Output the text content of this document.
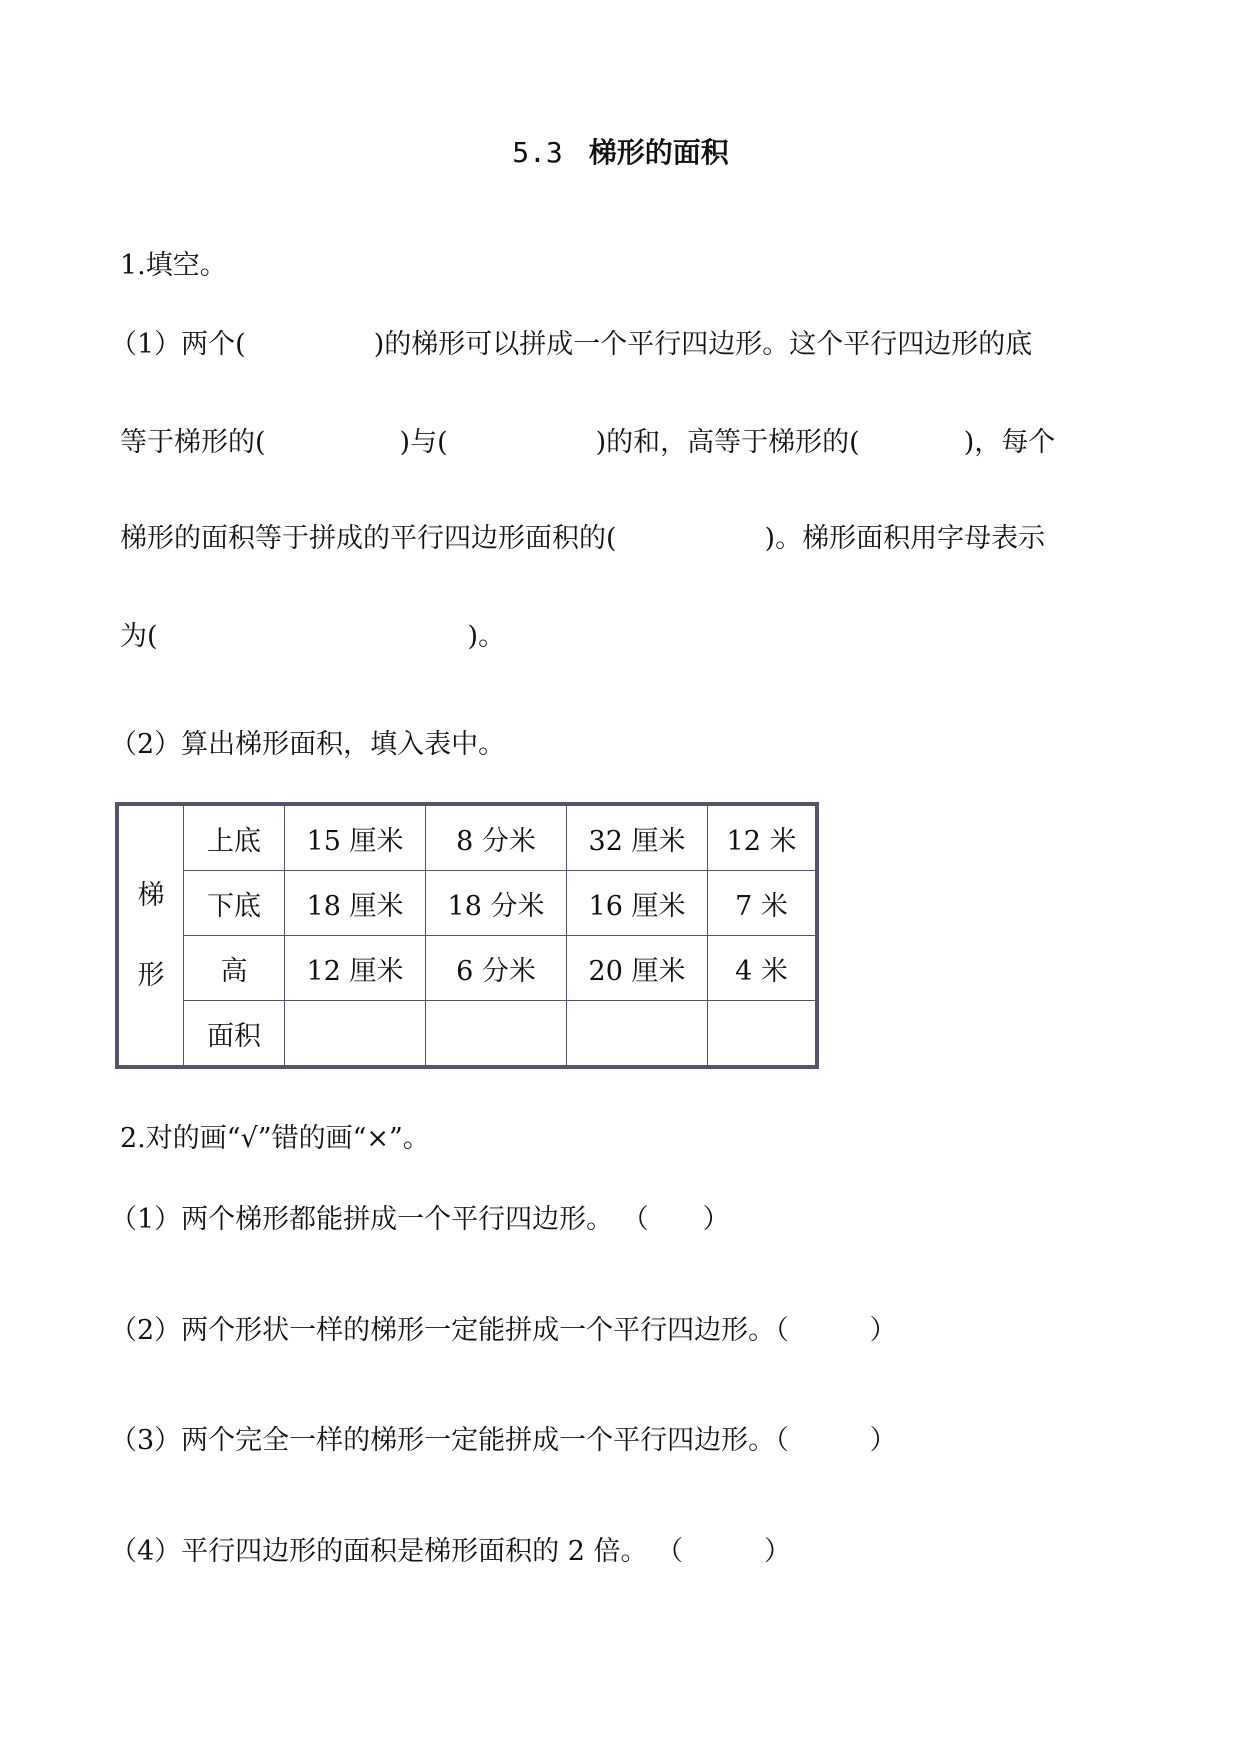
5.3 梯形的面积
1.填空。
（1）两个(	)的梯形可以拼成一个平行四边形。这个平行四边形的底
等于梯形的(	)与(	)的和，高等于梯形的(	)，每个
梯形的面积等于拼成的平行四边形面积的(	)。梯形面积用字母表示
为(	)。
（2）算出梯形面积，填入表中。
梯
形	上底	15 厘米	8 分米	32 厘米	12 米
	下底	18 厘米	18 分米	16 厘米	7 米
	高	12 厘米	6 分米	20 厘米	4 米
	面积				
2.对的画“√”错的画“×”。
（1）两个梯形都能拼成一个平行四边形。 （　　）
（2）两个形状一样的梯形一定能拼成一个平行四边形。（　　　）
（3）两个完全一样的梯形一定能拼成一个平行四边形。（　　　）
（4）平行四边形的面积是梯形面积的 2 倍。 （　　　）
